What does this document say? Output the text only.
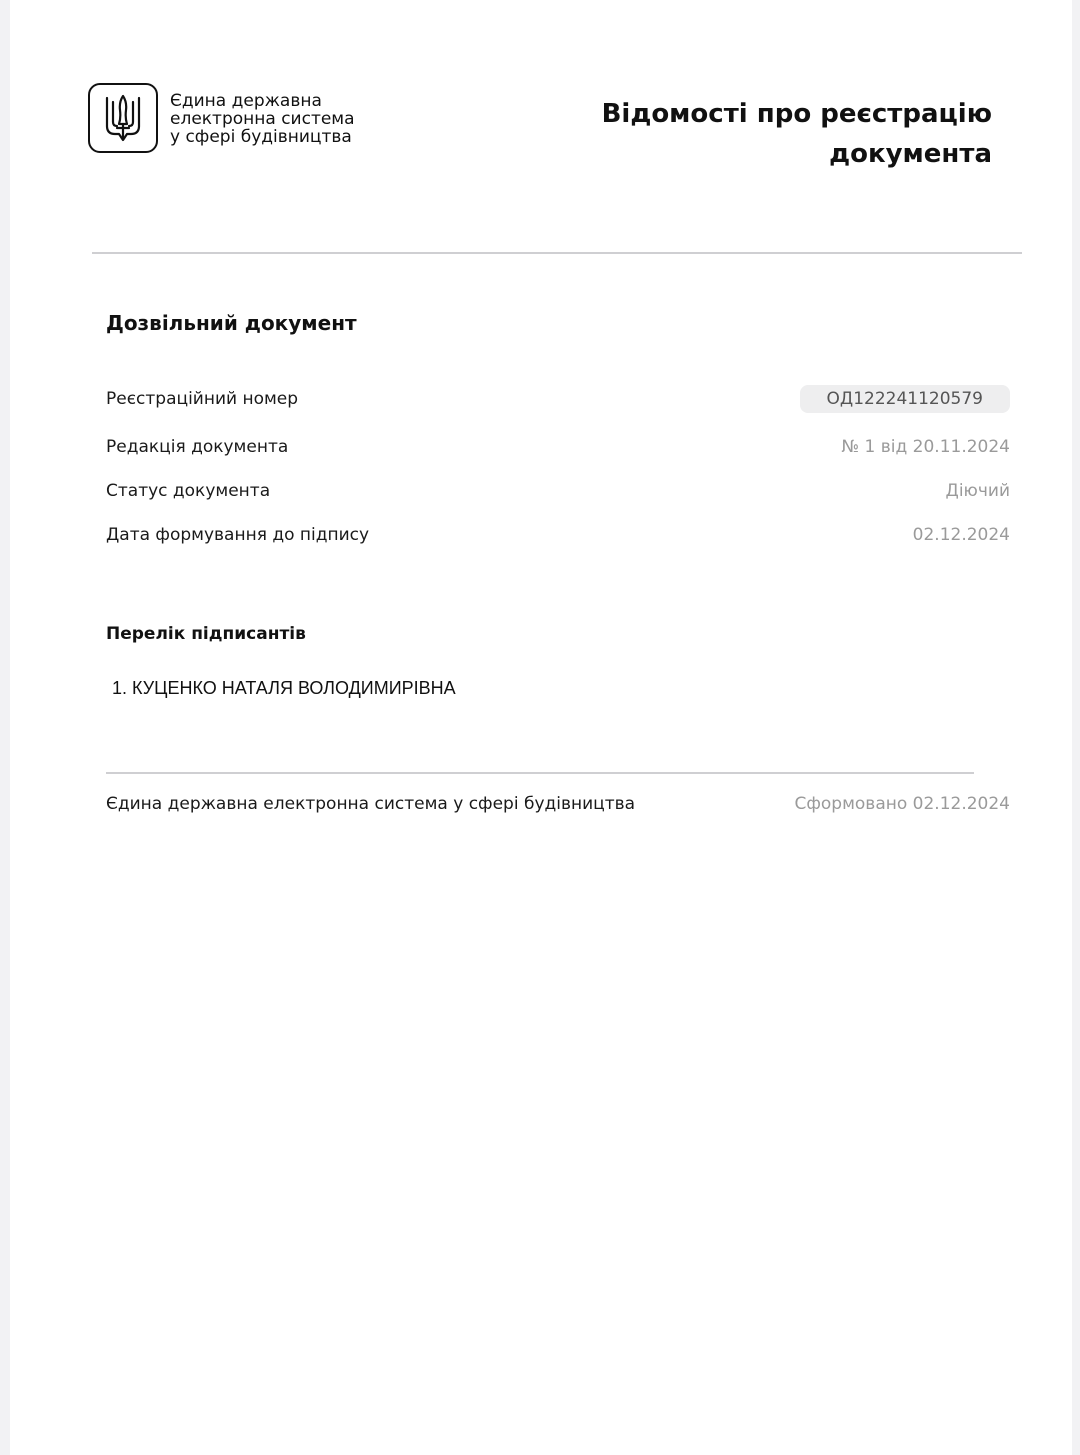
Єдина державна
електронна система
у сфері будівництва
Відомості про реєстрацію
документа
Дозвільний документ
Реєстраційний номер	ОД122241120579
Редакція документа	№ 1 від 20.11.2024
Статус документа	Діючий
Дата формування до підпису	02.12.2024
Перелік підписантів
1. КУЦЕНКО НАТАЛЯ ВОЛОДИМИРІВНА
Єдина державна електронна система у сфері будівництва	Сформовано 02.12.2024
